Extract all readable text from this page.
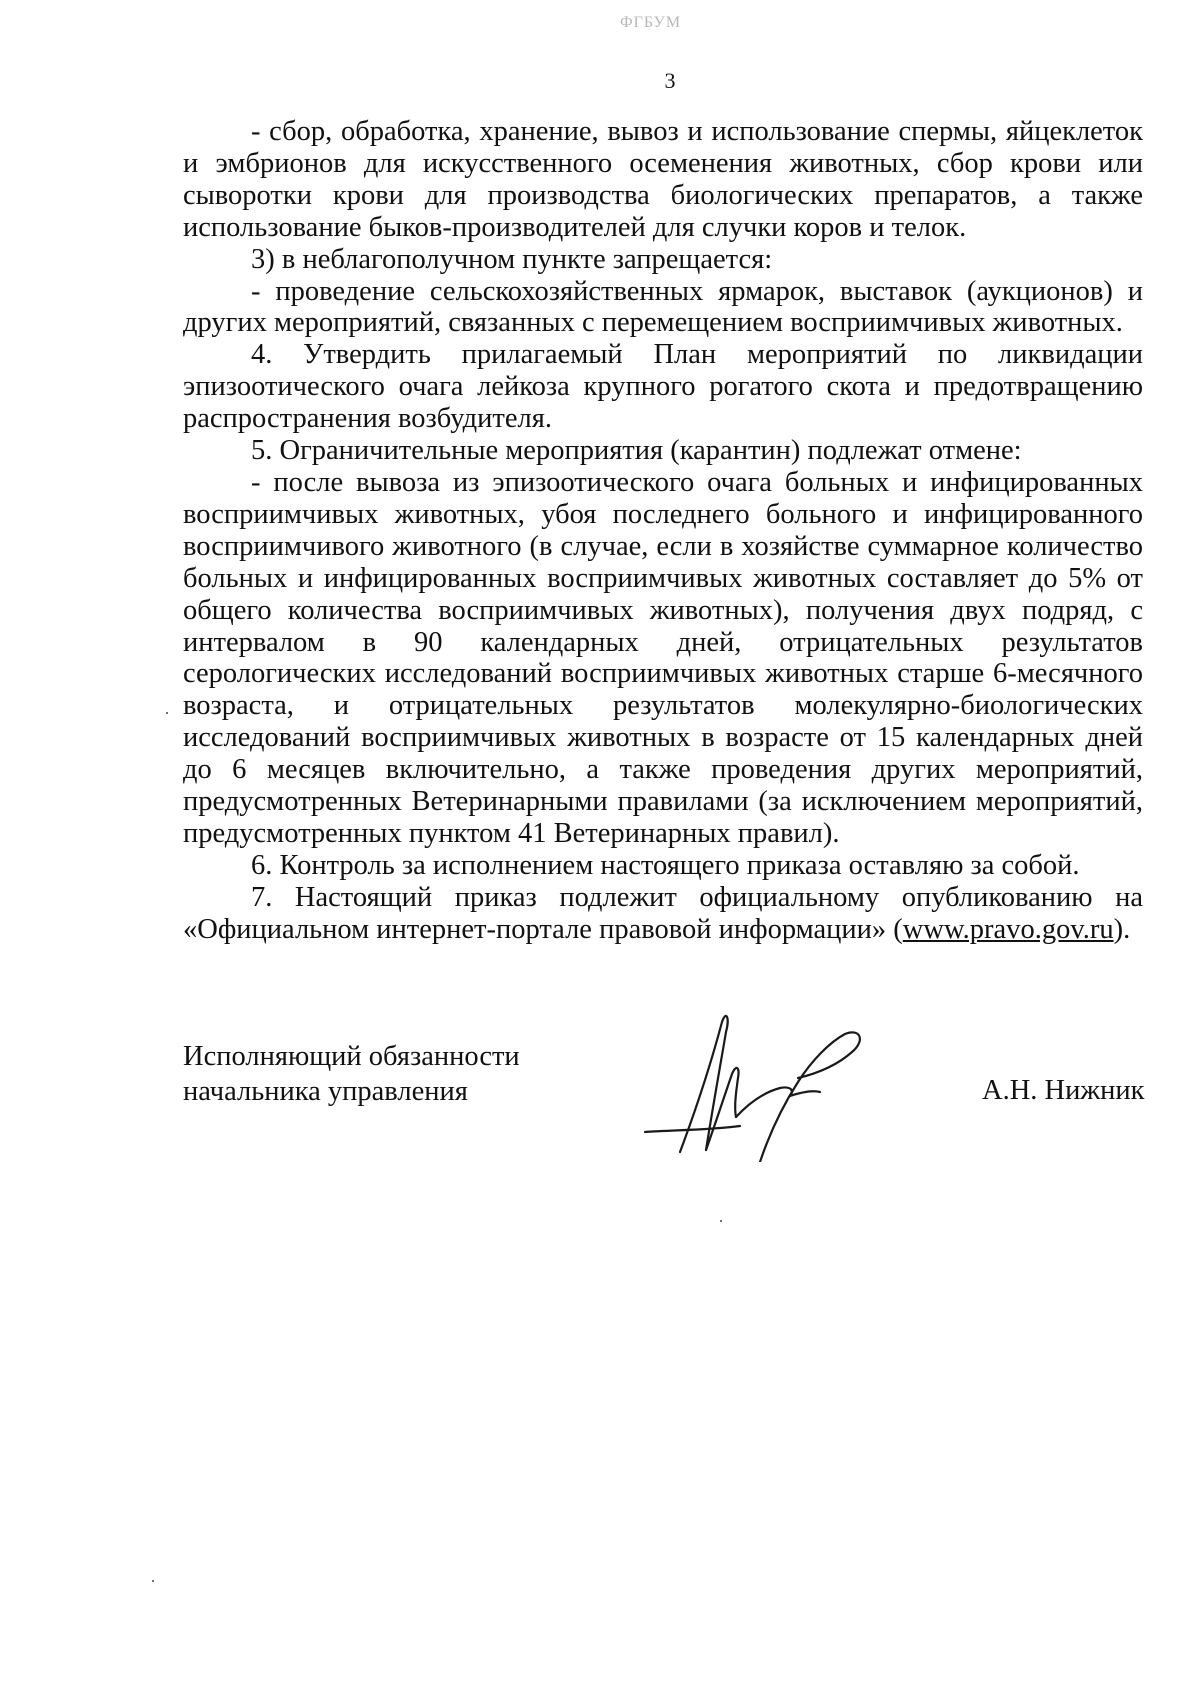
ФГБУМ
3

- сбор, обработка, хранение, вывоз и использование спермы, яйцеклеток и эмбрионов для искусственного осеменения животных, сбор крови или сыворотки крови для производства биологических препаратов, а также использование быков-производителей для случки коров и телок.

3) в неблагополучном пункте запрещается:

- проведение сельскохозяйственных ярмарок, выставок (аукционов) и других мероприятий, связанных с перемещением восприимчивых животных.

4. Утвердить прилагаемый План мероприятий по ликвидации эпизоотического очага лейкоза крупного рогатого скота и предотвращению распространения возбудителя.

5. Ограничительные мероприятия (карантин) подлежат отмене:

- после вывоза из эпизоотического очага больных и инфицированных восприимчивых животных, убоя последнего больного и инфицированного восприимчивого животного (в случае, если в хозяйстве суммарное количество больных и инфицированных восприимчивых животных составляет до 5% от общего количества восприимчивых животных), получения двух подряд, с интервалом в 90 календарных дней, отрицательных результатов серологических исследований восприимчивых животных старше 6-месячного возраста, и отрицательных результатов молекулярно-биологических исследований восприимчивых животных в возрасте от 15 календарных дней до 6 месяцев включительно, а также проведения других мероприятий, предусмотренных Ветеринарными правилами (за исключением мероприятий, предусмотренных пунктом 41 Ветеринарных правил).

6. Контроль за исполнением настоящего приказа оставляю за собой.

7. Настоящий приказ подлежит официальному опубликованию на «Официальном интернет-портале правовой информации» (www.pravo.gov.ru).

Исполняющий обязанности
начальника управления	А.Н. Нижник
